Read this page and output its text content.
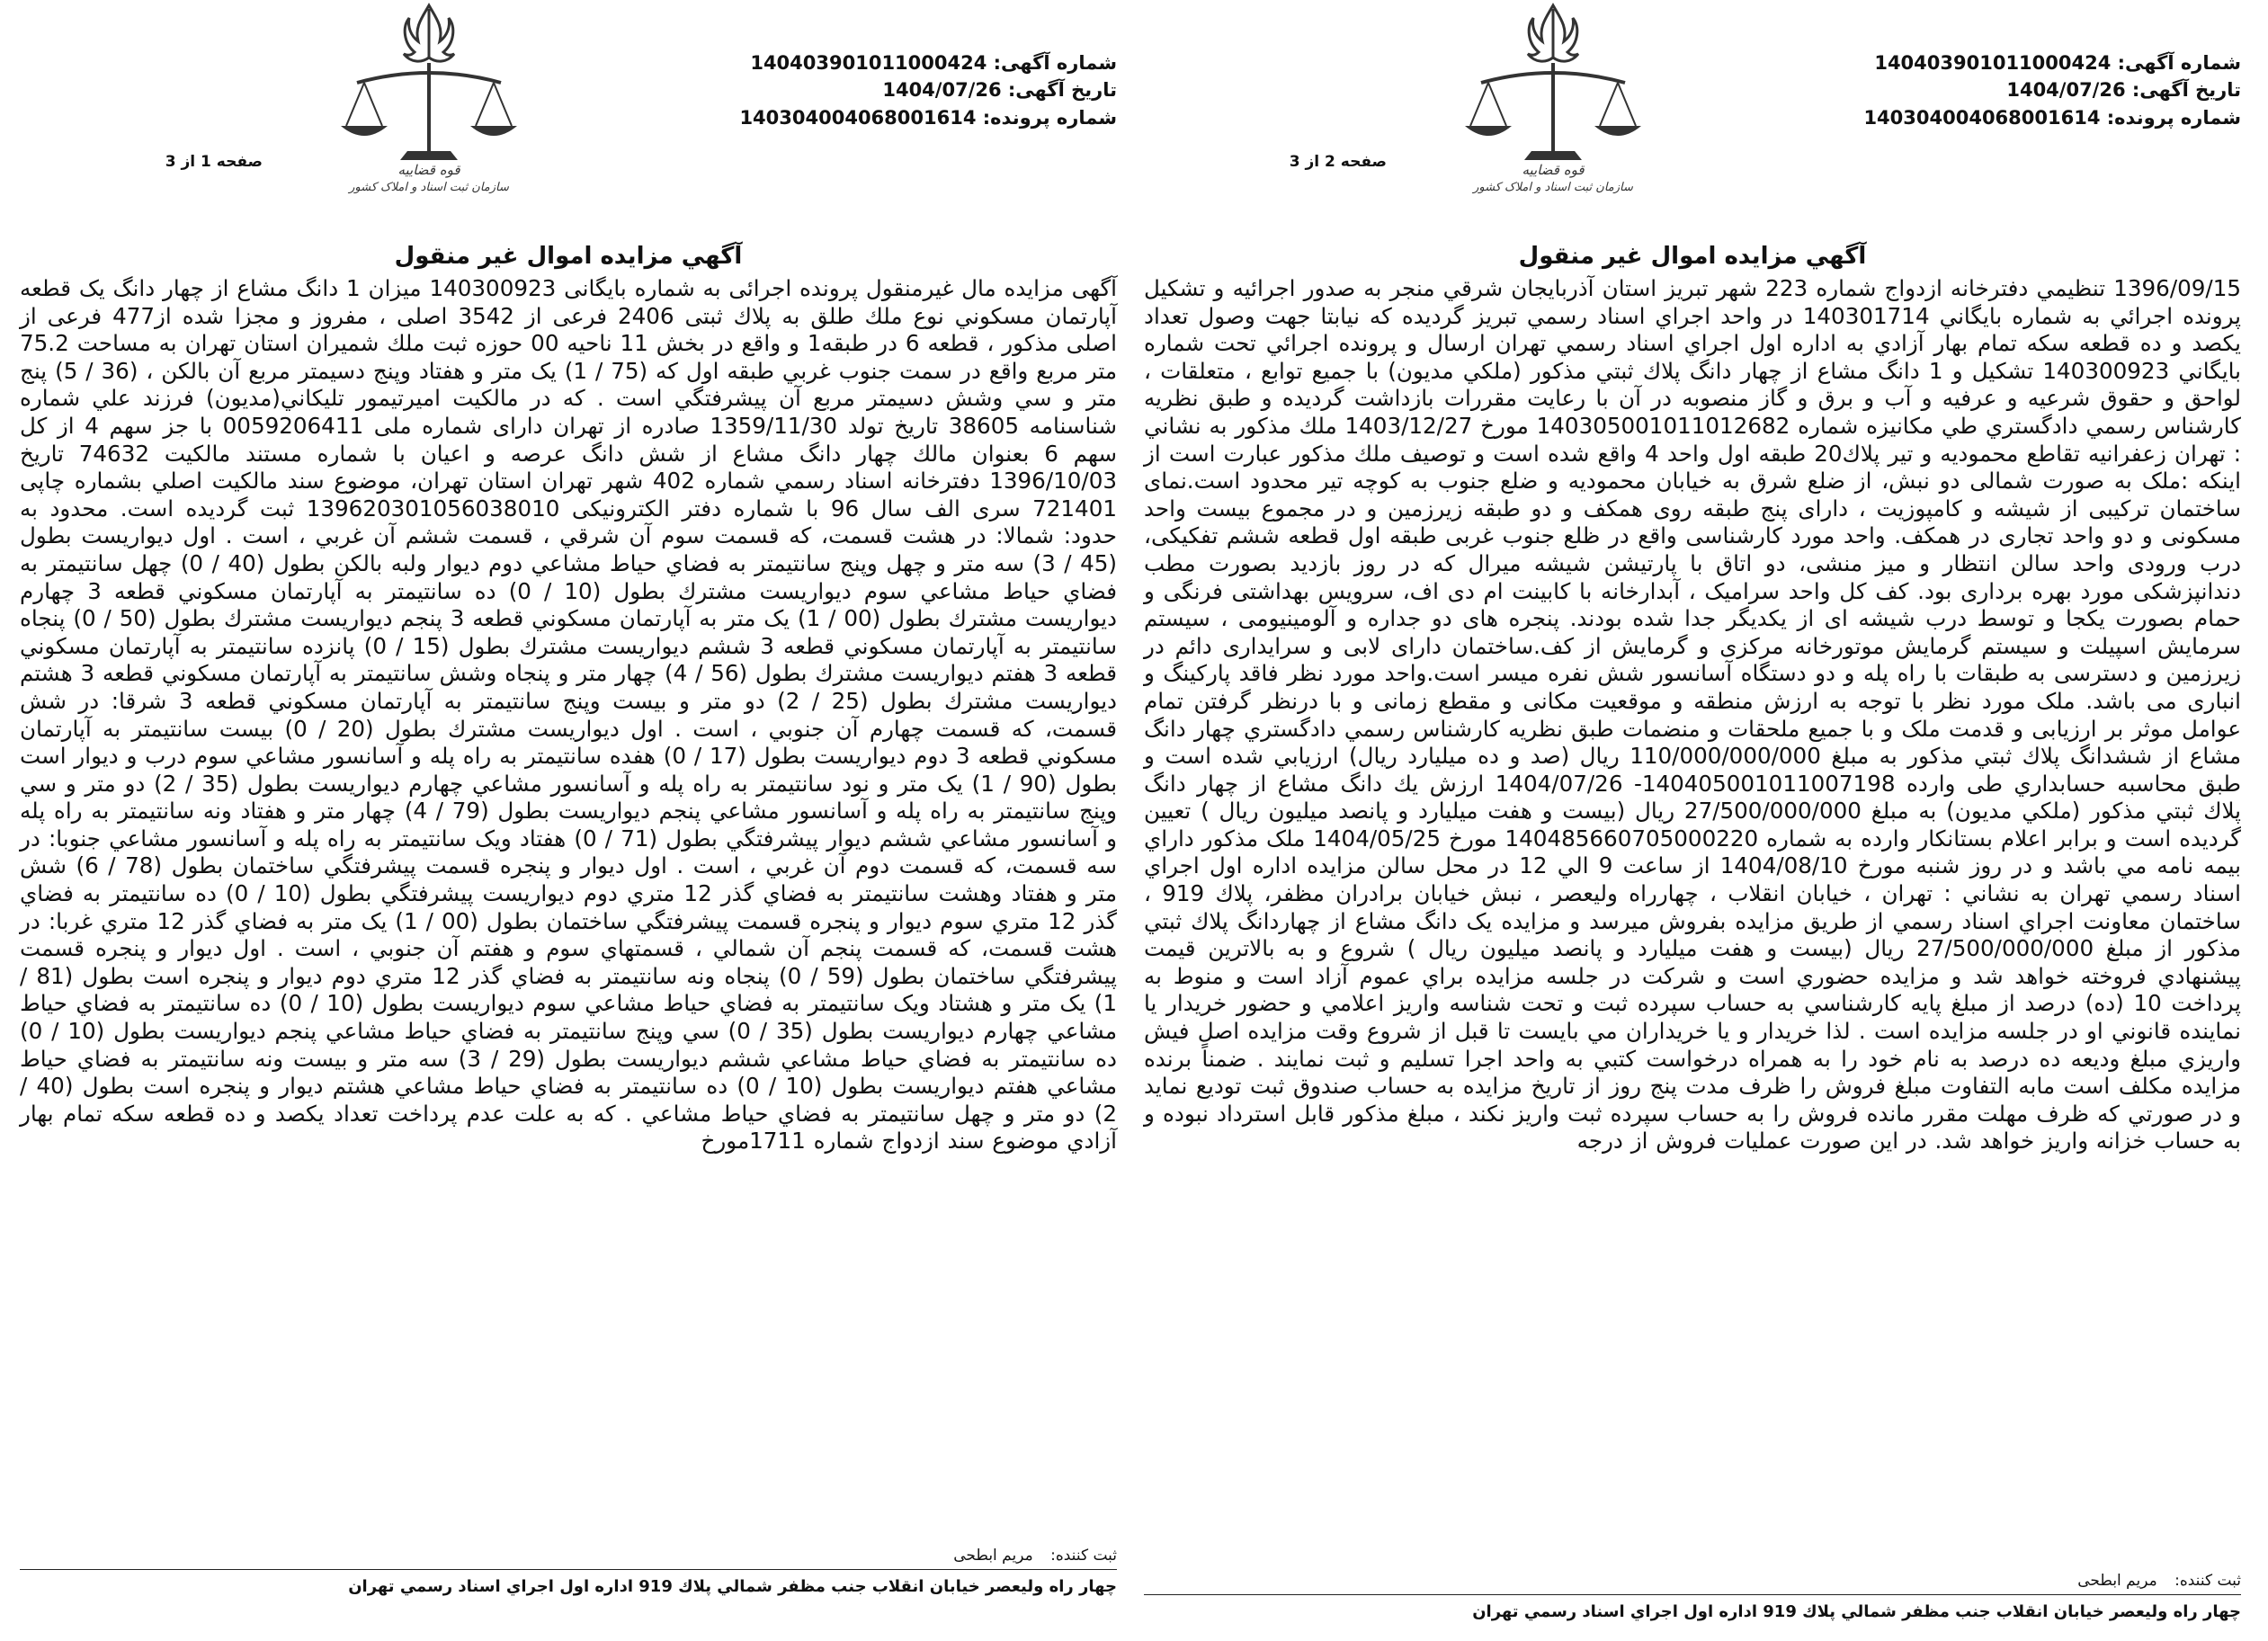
شماره آگهی: 140403901011000424
تاریخ آگهی: 1404/07/26
شماره پرونده: 140304004068001614
قوه قضاییه
سازمان ثبت اسناد و املاک کشور
صفحه 2 از 3
آگهي مزايده اموال غير منقول
1396/09/15 تنظيمي دفترخانه ازدواج شماره 223 شهر تبريز استان آذربايجان شرقي منجر به صدور اجرائيه و تشكيل پرونده اجرائي به شماره بايگاني 140301714 در واحد اجراي اسناد رسمي تبريز گرديده كه نيابتا جهت وصول تعداد يكصد و ده قطعه سكه تمام بهار آزادي به اداره اول اجراي اسناد رسمي تهران ارسال و پرونده اجرائي تحت شماره بايگاني 140300923 تشكيل و 1 دانگ مشاع از چهار دانگ پلاك ثبتي مذكور (ملكي مديون) با جميع توابع ، متعلقات ، لواحق و حقوق شرعيه و عرفيه و آب و برق و گاز منصوبه در آن با رعايت مقررات بازداشت گرديده و طبق نظريه كارشناس رسمي دادگستري طي مكانيزه شماره 140305001011012682 مورخ 1403/12/27 ملك مذكور به نشاني : تهران زعفرانيه تقاطع محموديه و تير پلاك20 طبقه اول واحد 4 واقع شده است و توصيف ملك مذكور عبارت است از اينكه :ملک به صورت شمالی دو نبش، از ضلع شرق به خیابان محمودیه و ضلع جنوب به کوچه تیر محدود است.نمای ساختمان ترکیبی از شیشه و کامپوزیت ، دارای پنج طبقه روی همکف و دو طبقه زیرزمین و در مجموع بیست واحد مسکونی و دو واحد تجاری در همکف. واحد مورد کارشناسی واقع در ظلع جنوب غربی طبقه اول قطعه ششم تفکیکی، درب ورودی واحد سالن انتظار و میز منشی، دو اتاق با پارتیشن شیشه میرال که در روز بازدید بصورت مطب دندانپزشکی مورد بهره برداری بود. کف کل واحد سرامیک ، آبدارخانه با کابینت ام دی اف، سرویس بهداشتی فرنگی و حمام بصورت یکجا و توسط درب شیشه ای از یکدیگر جدا شده بودند. پنجره های دو جداره و آلومینیومی ، سیستم سرمایش اسپیلت و سیستم گرمایش موتورخانه مرکزی و گرمایش از کف.ساختمان دارای لابی و سرایداری دائم در زیرزمین و دسترسی به طبقات با راه پله و دو دستگاه آسانسور شش نفره میسر است.واحد مورد نظر فاقد پارکینگ و انباری می باشد. ملک مورد نظر با توجه به ارزش منطقه و موقعیت مکانی و مقطع زمانی و با درنظر گرفتن تمام عوامل موثر بر ارزیابی و قدمت ملک و با جميع ملحقات و منضمات طبق نظريه كارشناس رسمي دادگستري چهار دانگ مشاع از ششدانگ پلاك ثبتي مذكور به مبلغ 110/000/000/000 ريال (صد و ده ميليارد ريال) ارزيابي شده است و طبق محاسبه حسابداري طی وارده 140405001011007198- 1404/07/26 ارزش يك دانگ مشاع از چهار دانگ پلاك ثبتي مذكور (ملكي مديون) به مبلغ 27/500/000/000 ريال (بيست و هفت ميليارد و پانصد ميليون ريال ) تعيين گرديده است و برابر اعلام بستانكار وارده به شماره 140485660705000220 مورخ 1404/05/25 ملک مذكور داراي بيمه نامه مي باشد و در روز شنبه مورخ 1404/08/10 از ساعت 9 الي 12 در محل سالن مزايده اداره اول اجراي اسناد رسمي تهران به نشاني : تهران ، خيابان انقلاب ، چهارراه وليعصر ، نبش خيابان برادران مظفر، پلاك 919 ، ساختمان معاونت اجراي اسناد رسمي از طريق مزايده بفروش ميرسد و مزايده يک دانگ مشاع از چهاردانگ پلاك ثبتي مذكور از مبلغ 27/500/000/000 ريال (بيست و هفت ميليارد و پانصد ميليون ريال ) شروع و به بالاترين قيمت پيشنهادي فروخته خواهد شد و مزايده حضوري است و شركت در جلسه مزايده براي عموم آزاد است و منوط به پرداخت 10 (ده) درصد از مبلغ پايه كارشناسي به حساب سپرده ثبت و تحت شناسه واريز اعلامي و حضور خريدار يا نماينده قانوني او در جلسه مزايده است . لذا خريدار و يا خريداران مي بايست تا قبل از شروع وقت مزايده اصل فيش واريزي مبلغ ودیعه ده درصد به نام خود را به همراه درخواست كتبي به واحد اجرا تسليم و ثبت نمايند . ضمناً برنده مزايده مكلف است مابه التفاوت مبلغ فروش را ظرف مدت پنج روز از تاريخ مزايده به حساب صندوق ثبت توديع نمايد و در صورتي كه ظرف مهلت مقرر مانده فروش را به حساب سپرده ثبت واريز نكند ، مبلغ مذكور قابل استرداد نبوده و به حساب خزانه واريز خواهد شد. در اين صورت عمليات فروش از درجه
ثبت کننده: مریم ابطحی
چهار راه وليعصر خيابان انقلاب جنب مظفر شمالي پلاك 919 اداره اول اجراي اسناد رسمي تهران
شماره آگهی: 140403901011000424
تاریخ آگهی: 1404/07/26
شماره پرونده: 140304004068001614
قوه قضاییه
سازمان ثبت اسناد و املاک کشور
صفحه 1 از 3
آگهي مزايده اموال غير منقول
آگهی مزايده مال غيرمنقول پرونده اجرائی به شماره بايگانی 140300923 ميزان 1 دانگ مشاع از چهار دانگ يک قطعه آپارتمان مسكوني نوع ملك طلق به پلاك ثبتی 2406 فرعی از 3542 اصلی ، مفروز و مجزا شده از477 فرعی از اصلی مذکور ، قطعه 6 در طبقه1 و واقع در بخش 11 ناحيه 00 حوزه ثبت ملك شميران استان تهران به مساحت 75.2 متر مربع واقع در سمت جنوب غربي طبقه اول كه (75 / 1) يک متر و هفتاد وپنج دسيمتر مربع آن بالكن ، (36 / 5) پنج متر و سي وشش دسيمتر مربع آن پيشرفتگي است . كه در مالكيت اميرتيمور تليكاني(مديون) فرزند علي شماره شناسنامه 38605 تاريخ تولد 1359/11/30 صادره از تهران دارای شماره ملی 0059206411 با جز سهم 4 از كل سهم 6 بعنوان مالك چهار دانگ مشاع از شش دانگ عرصه و اعيان با شماره مستند مالكيت 74632 تاريخ 1396/10/03 دفترخانه اسناد رسمي شماره 402 شهر تهران استان تهران، موضوع سند مالكيت اصلي بشماره چاپی 721401 سری الف سال 96 با شماره دفتر الكترونيكی 139620301056038010 ثبت گرديده است. محدود به حدود: شمالا: در هشت قسمت، كه قسمت سوم آن شرقي ، قسمت ششم آن غربي ، است . اول ديواريست بطول (45 / 3) سه متر و چهل وپنج سانتيمتر به فضاي حياط مشاعي دوم ديوار ولبه بالكن بطول (40 / 0) چهل سانتيمتر به فضاي حياط مشاعي سوم ديواريست مشترك بطول (10 / 0) ده سانتيمتر به آپارتمان مسكوني قطعه 3 چهارم ديواريست مشترك بطول (00 / 1) يک متر به آپارتمان مسكوني قطعه 3 پنجم ديواريست مشترك بطول (50 / 0) پنجاه سانتيمتر به آپارتمان مسكوني قطعه 3 ششم ديواريست مشترك بطول (15 / 0) پانزده سانتيمتر به آپارتمان مسكوني قطعه 3 هفتم ديواريست مشترك بطول (56 / 4) چهار متر و پنجاه وشش سانتيمتر به آپارتمان مسكوني قطعه 3 هشتم ديواريست مشترك بطول (25 / 2) دو متر و بيست وپنج سانتيمتر به آپارتمان مسكوني قطعه 3 شرقا: در شش قسمت، كه قسمت چهارم آن جنوبي ، است . اول ديواريست مشترك بطول (20 / 0) بيست سانتيمتر به آپارتمان مسكوني قطعه 3 دوم ديواريست بطول (17 / 0) هفده سانتيمتر به راه پله و آسانسور مشاعي سوم درب و ديوار است بطول (90 / 1) يک متر و نود سانتيمتر به راه پله و آسانسور مشاعي چهارم ديواريست بطول (35 / 2) دو متر و سي وپنج سانتيمتر به راه پله و آسانسور مشاعي پنجم ديواريست بطول (79 / 4) چهار متر و هفتاد ونه سانتيمتر به راه پله و آسانسور مشاعي ششم ديوار پيشرفتگي بطول (71 / 0) هفتاد ويک سانتيمتر به راه پله و آسانسور مشاعي جنوبا: در سه قسمت، كه قسمت دوم آن غربي ، است . اول ديوار و پنجره قسمت پيشرفتگي ساختمان بطول (78 / 6) شش متر و هفتاد وهشت سانتيمتر به فضاي گذر 12 متري دوم ديواريست پيشرفتگي بطول (10 / 0) ده سانتيمتر به فضاي گذر 12 متري سوم ديوار و پنجره قسمت پيشرفتگي ساختمان بطول (00 / 1) يک متر به فضاي گذر 12 متري غربا: در هشت قسمت، كه قسمت پنجم آن شمالي ، قسمتهاي سوم و هفتم آن جنوبي ، است . اول ديوار و پنجره قسمت پيشرفتگي ساختمان بطول (59 / 0) پنجاه ونه سانتيمتر به فضاي گذر 12 متري دوم ديوار و پنجره است بطول (81 / 1) يک متر و هشتاد ويک سانتيمتر به فضاي حياط مشاعي سوم ديواريست بطول (10 / 0) ده سانتيمتر به فضاي حياط مشاعي چهارم ديواريست بطول (35 / 0) سي وپنج سانتيمتر به فضاي حياط مشاعي پنجم ديواريست بطول (10 / 0) ده سانتيمتر به فضاي حياط مشاعي ششم ديواريست بطول (29 / 3) سه متر و بيست ونه سانتيمتر به فضاي حياط مشاعي هفتم ديواريست بطول (10 / 0) ده سانتيمتر به فضاي حياط مشاعي هشتم ديوار و پنجره است بطول (40 / 2) دو متر و چهل سانتيمتر به فضاي حياط مشاعي . كه به علت عدم پرداخت تعداد يكصد و ده قطعه سكه تمام بهار آزادي موضوع سند ازدواج شماره 1711مورخ
ثبت کننده: مریم ابطحی
چهار راه وليعصر خيابان انقلاب جنب مظفر شمالي پلاك 919 اداره اول اجراي اسناد رسمي تهران
